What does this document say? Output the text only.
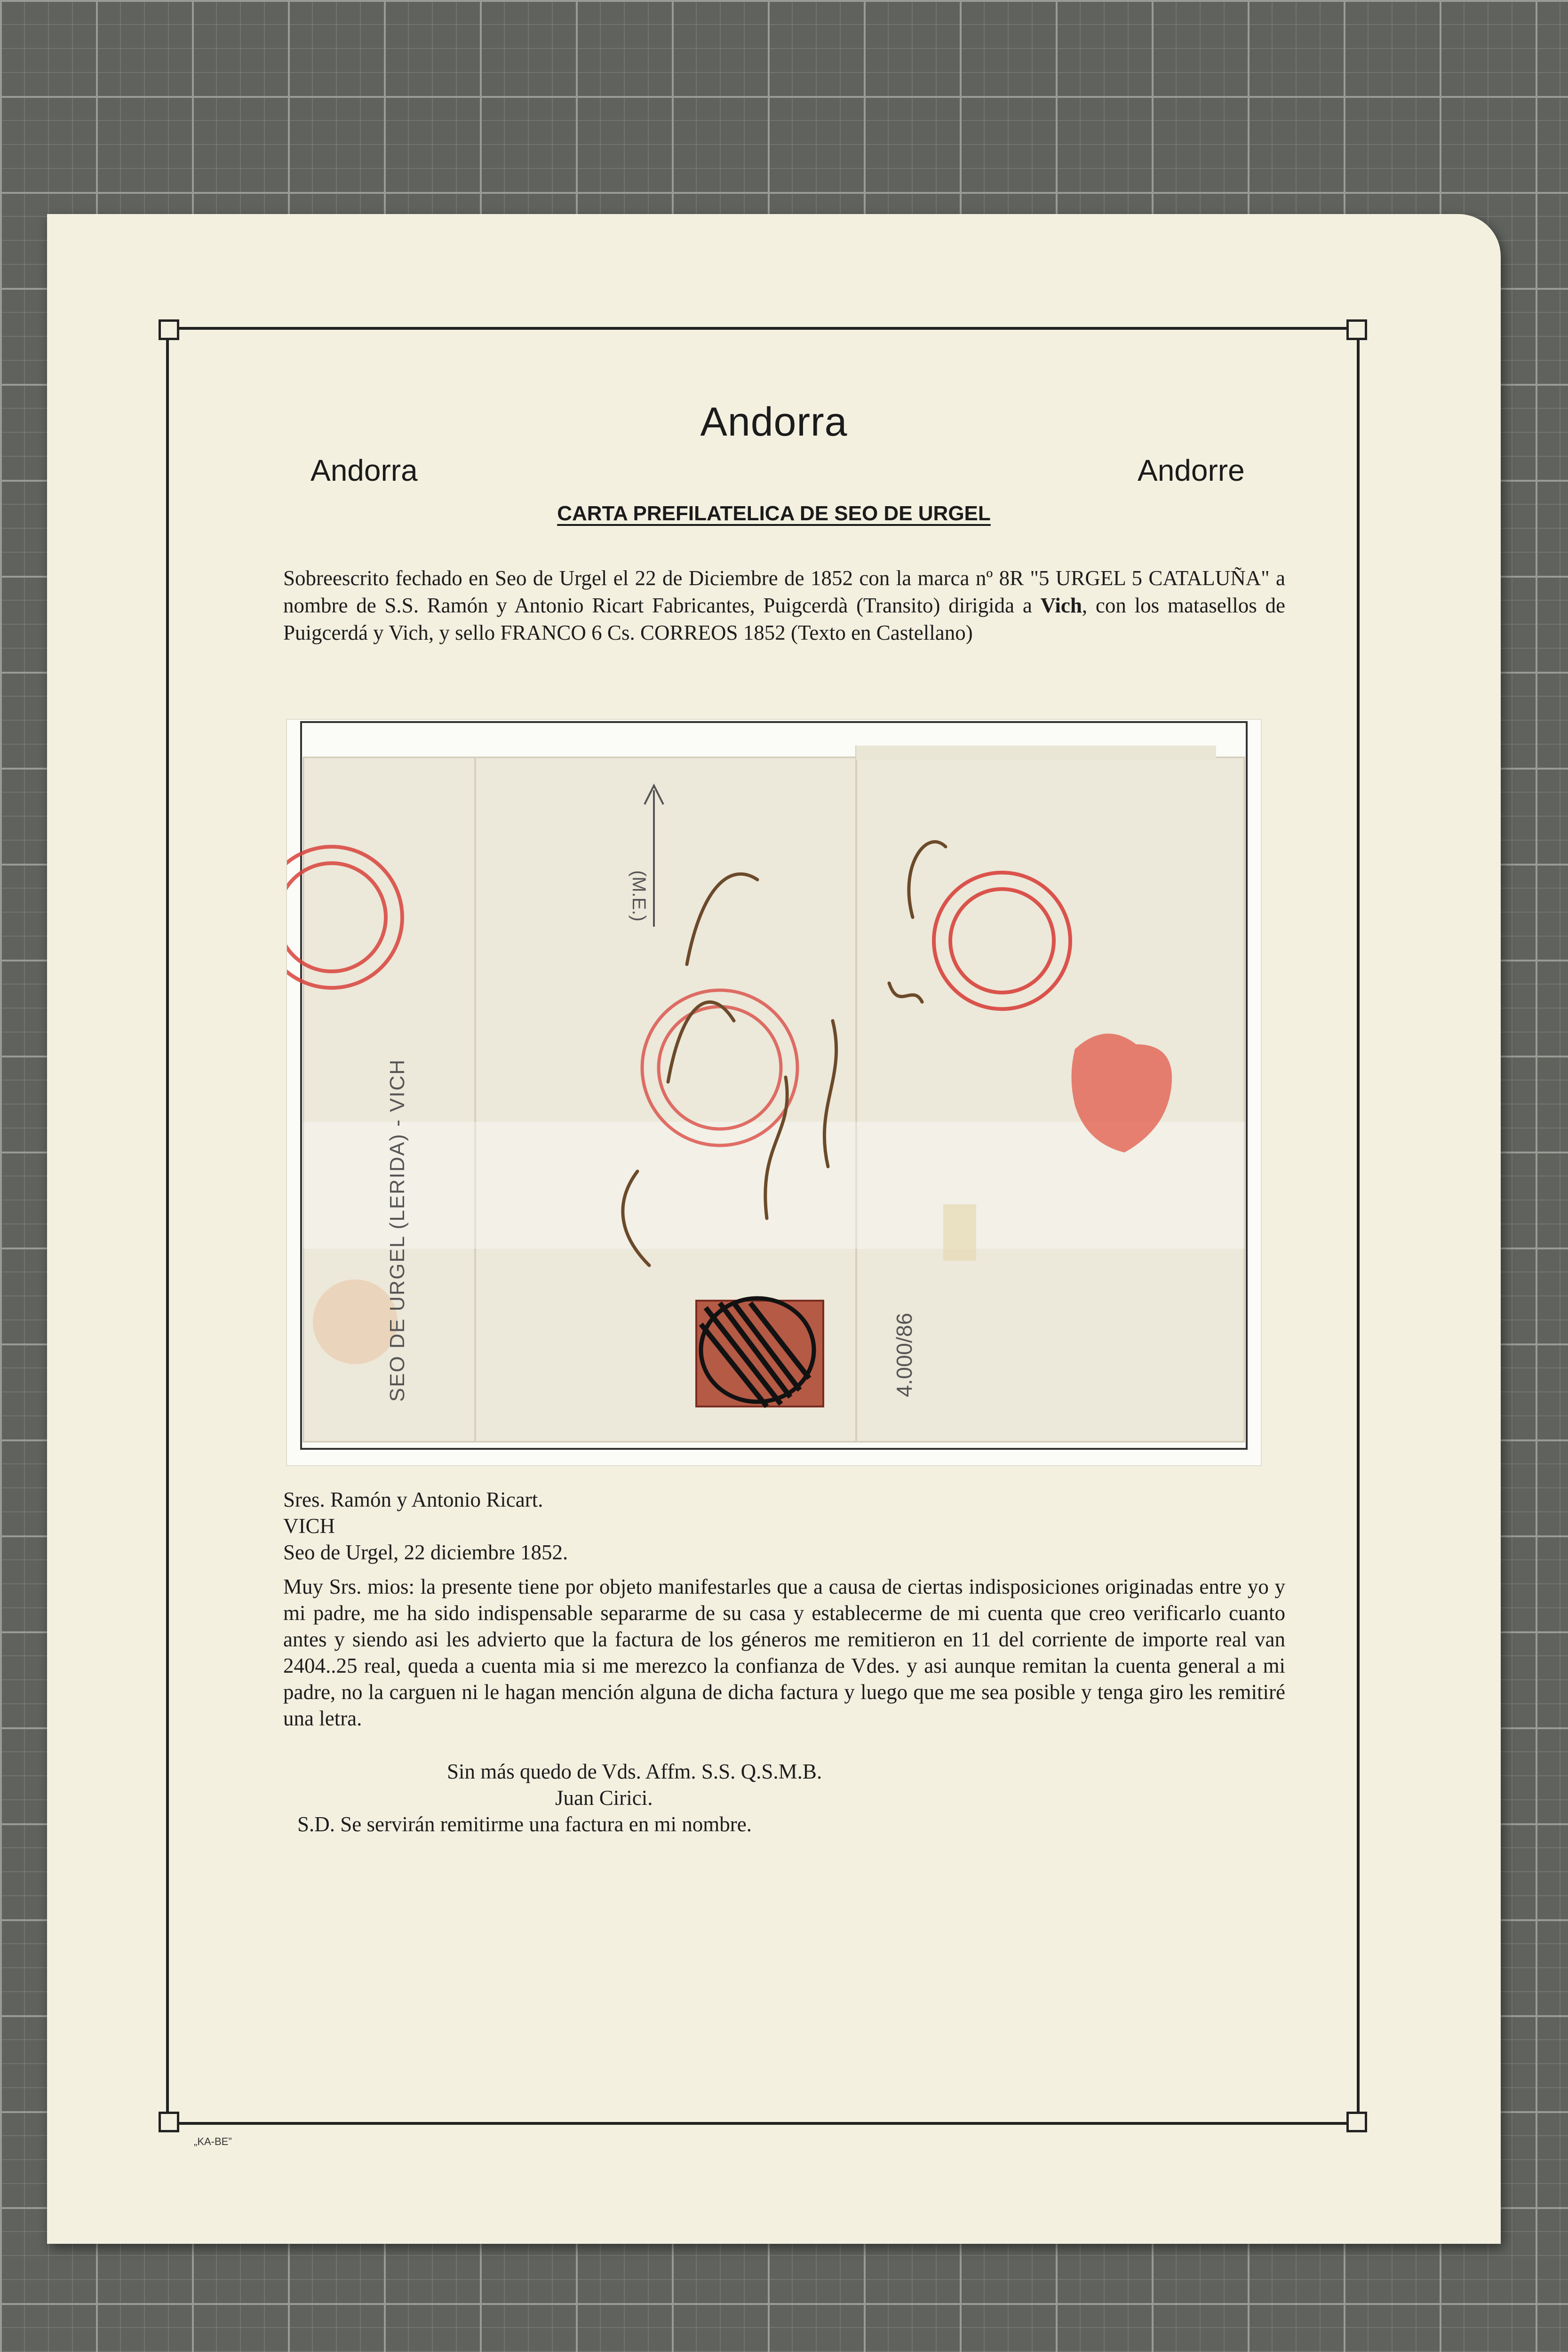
Andorra
Andorra	Andorre
CARTA PREFILATELICA DE SEO DE URGEL

Sobreescrito fechado en Seo de Urgel el 22 de Diciembre de 1852 con la marca nº 8R "5 URGEL 5 CATALUÑA" a nombre de S.S. Ramón y Antonio Ricart Fabricantes, Puigcerdà (Transito) dirigida a Vich, con los matasellos de Puigcerdá y Vich, y sello FRANCO 6 Cs. CORREOS 1852 (Texto en Castellano)

SEO DE URGEL (LERIDA) - VICH	4.000/86
(M.E.)
Sres. Ramón y Antonio Ricart.
VICH
Seo de Urgel, 22 diciembre 1852.

Muy Srs. mios: la presente tiene por objeto manifestarles que a causa de ciertas indisposiciones originadas entre yo y mi padre, me ha sido indispensable separarme de su casa y establecerme de mi cuenta que creo verificarlo cuanto antes y siendo asi les advierto que la factura de los géneros me remitieron en 11 del corriente de importe real van 2404..25 real, queda a cuenta mia si me merezco la confianza de Vdes. y asi aunque remitan la cuenta general a mi padre, no la carguen ni le hagan mención alguna de dicha factura y luego que me sea posible y tenga giro les remitiré una letra.

Sin más quedo de Vds. Affm. S.S. Q.S.M.B.

Juan Cirici.

S.D. Se servirán remitirme una factura en mi nombre.

„KA-BE”
